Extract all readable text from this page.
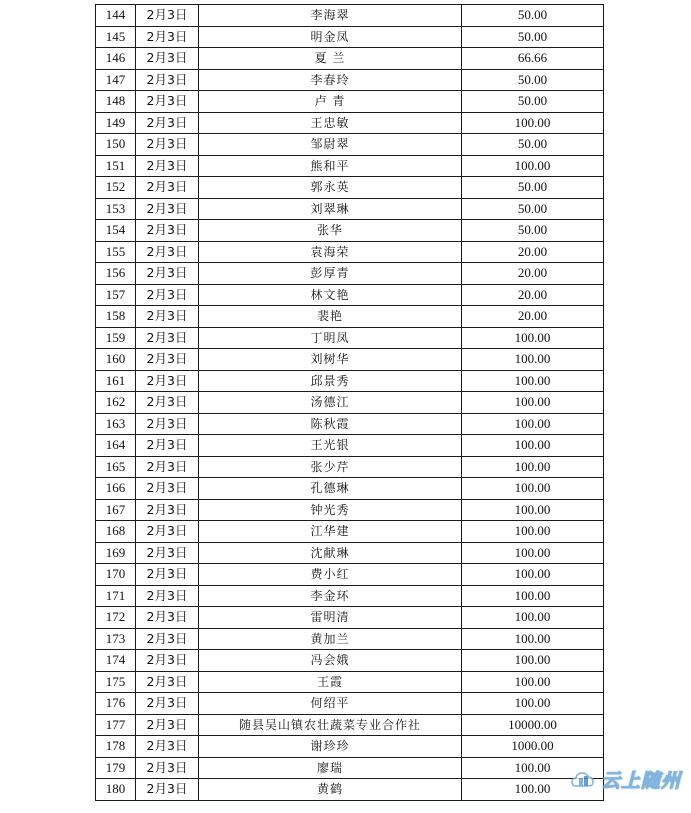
144	2月3日	李海翠	50.00
145	2月3日	明金凤	50.00
146	2月3日	夏 兰	66.66
147	2月3日	李春玲	50.00
148	2月3日	卢 青	50.00
149	2月3日	王忠敏	100.00
150	2月3日	邹尉翠	50.00
151	2月3日	熊和平	100.00
152	2月3日	郭永英	50.00
153	2月3日	刘翠琳	50.00
154	2月3日	张华	50.00
155	2月3日	袁海荣	20.00
156	2月3日	彭厚青	20.00
157	2月3日	林文艳	20.00
158	2月3日	裴艳	20.00
159	2月3日	丁明凤	100.00
160	2月3日	刘树华	100.00
161	2月3日	邱景秀	100.00
162	2月3日	汤德江	100.00
163	2月3日	陈秋霞	100.00
164	2月3日	王光银	100.00
165	2月3日	张少芹	100.00
166	2月3日	孔德琳	100.00
167	2月3日	钟光秀	100.00
168	2月3日	江华建	100.00
169	2月3日	沈献琳	100.00
170	2月3日	费小红	100.00
171	2月3日	李金环	100.00
172	2月3日	雷明清	100.00
173	2月3日	黄加兰	100.00
174	2月3日	冯会娥	100.00
175	2月3日	王霞	100.00
176	2月3日	何绍平	100.00
177	2月3日	随县吴山镇农壮蔬菜专业合作社	10000.00
178	2月3日	谢珍珍	1000.00
179	2月3日	廖瑞	100.00
180	2月3日	黄鹤	100.00	云上随州
